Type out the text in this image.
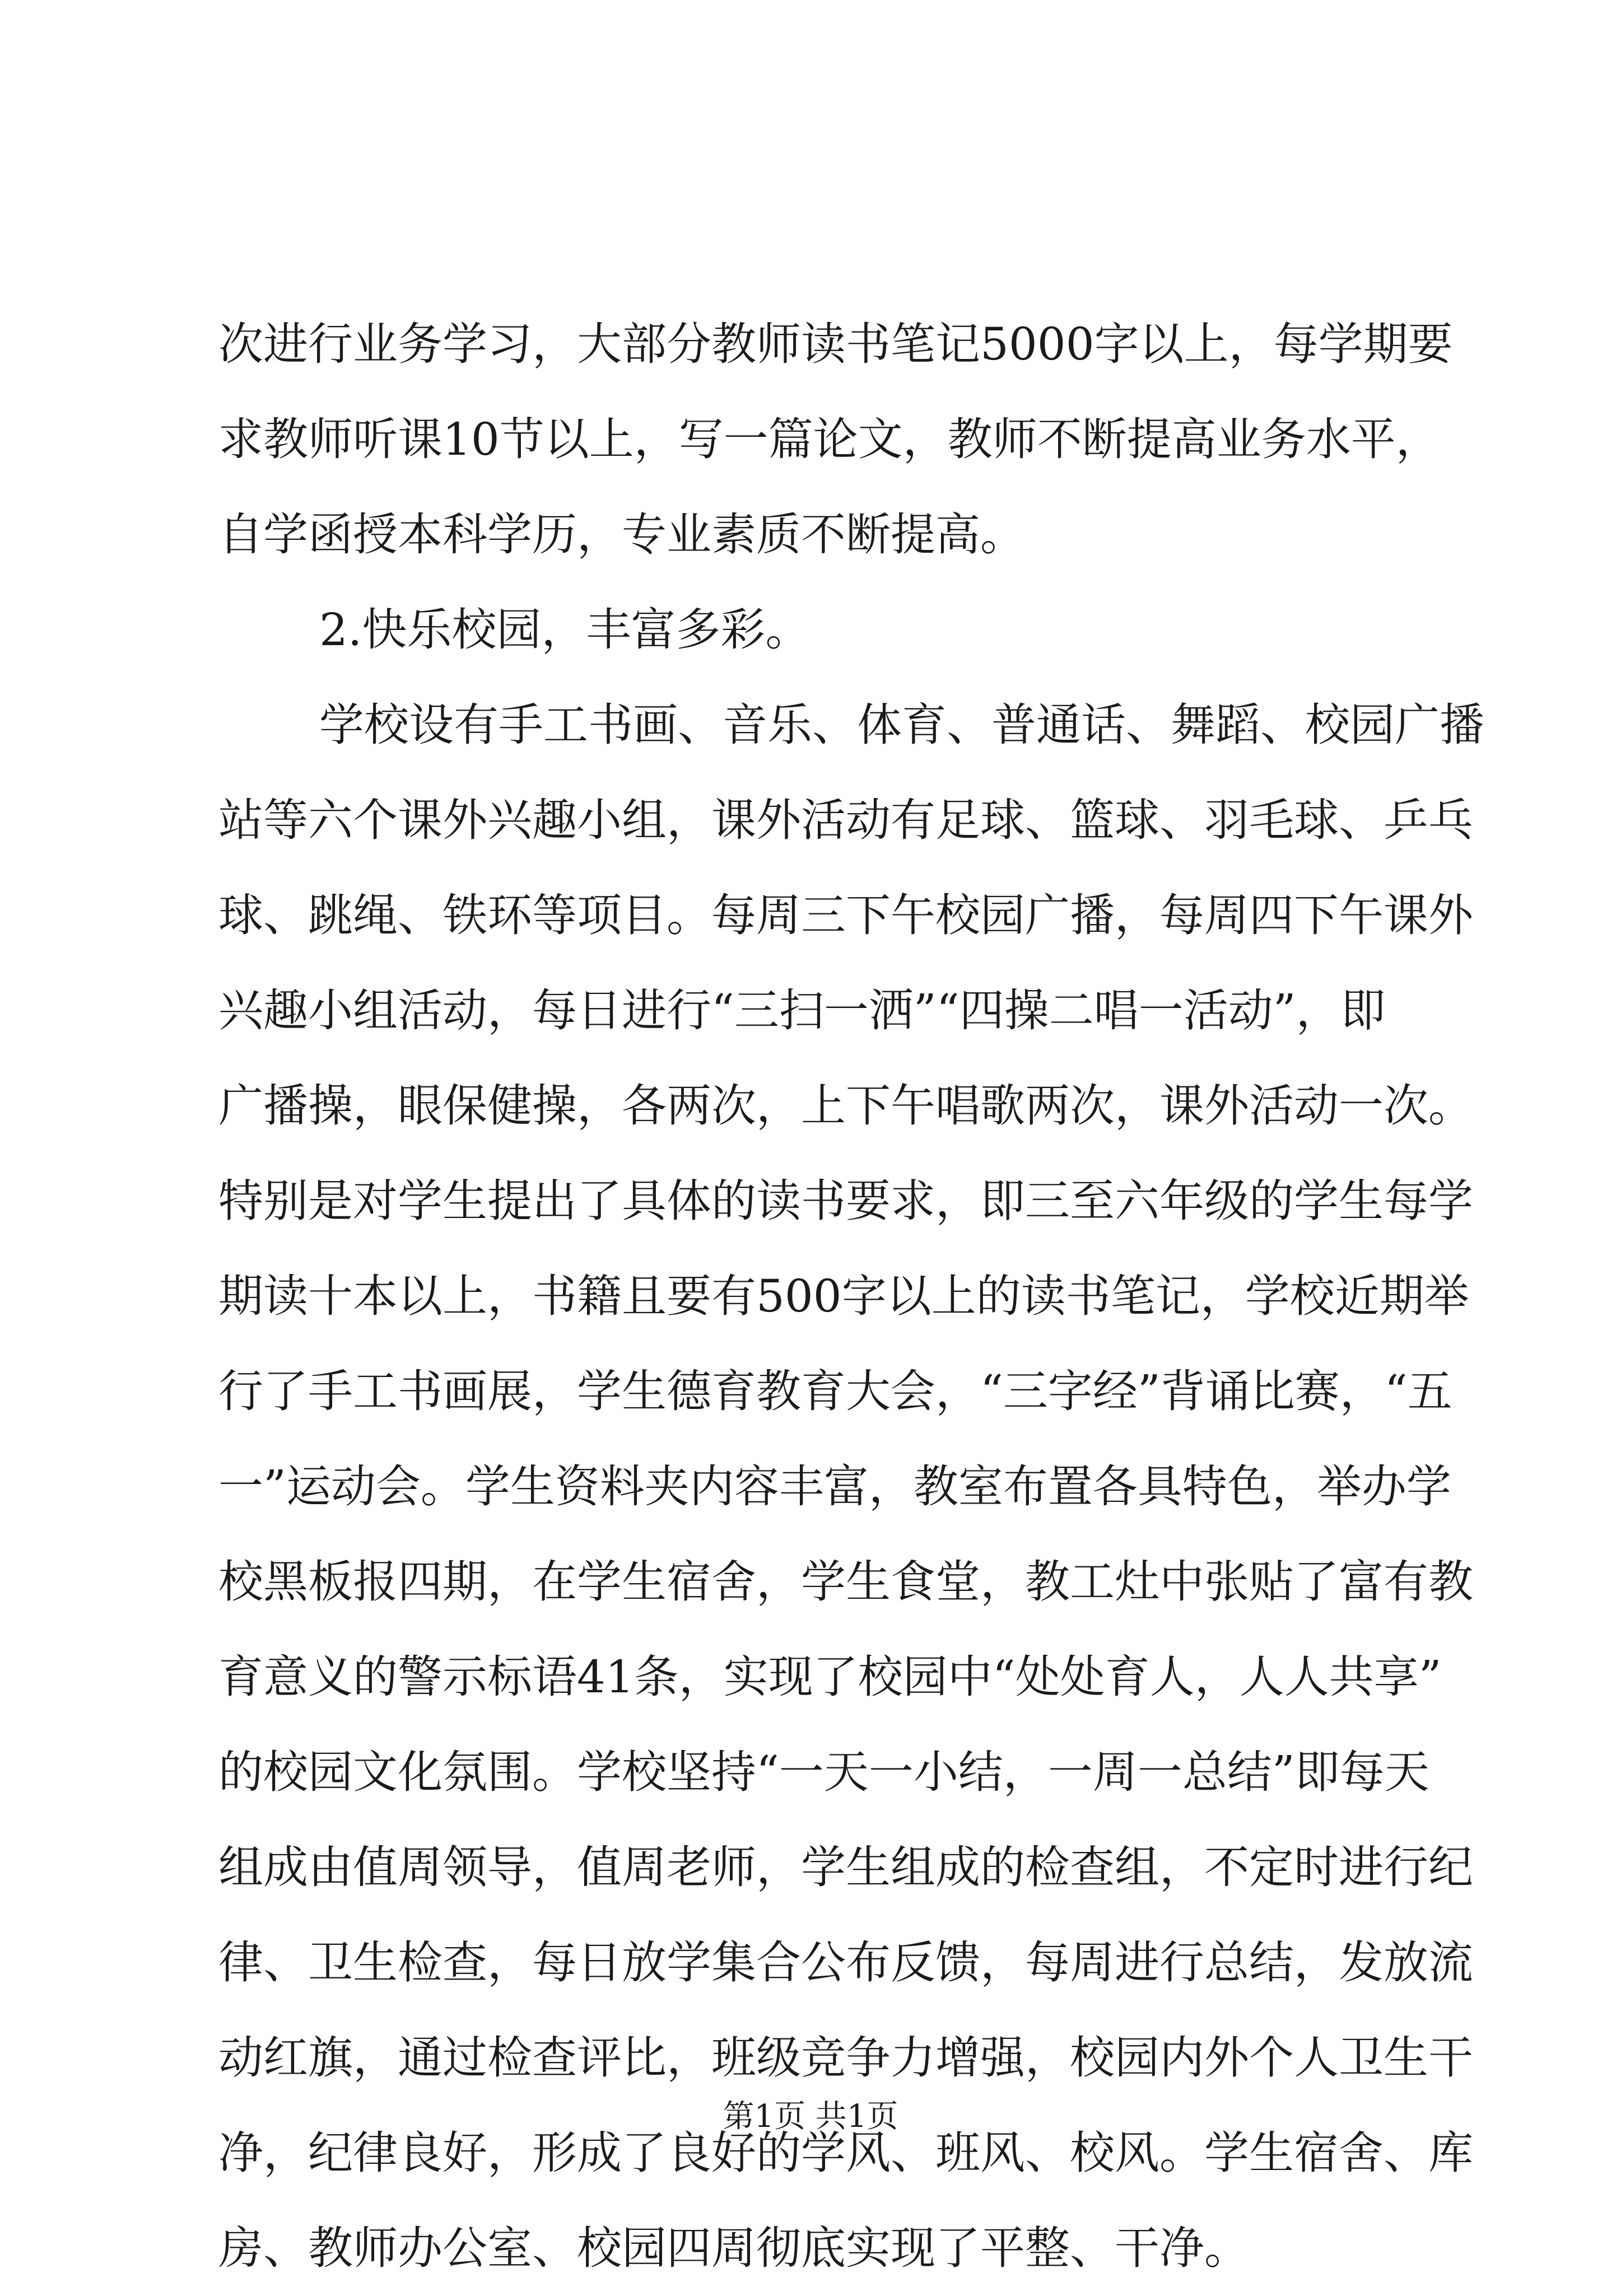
次进行业务学习，大部分教师读书笔记5000字以上，每学期要
求教师听课10节以上，写一篇论文，教师不断提高业务水平，
自学函授本科学历，专业素质不断提高。
2.快乐校园，丰富多彩。
学校设有手工书画、音乐、体育、普通话、舞蹈、校园广播
站等六个课外兴趣小组，课外活动有足球、篮球、羽毛球、乒乓
球、跳绳、铁环等项目。每周三下午校园广播，每周四下午课外
兴趣小组活动，每日进行“三扫一洒”“四操二唱一活动”，即
广播操，眼保健操，各两次，上下午唱歌两次，课外活动一次。
特别是对学生提出了具体的读书要求，即三至六年级的学生每学
期读十本以上，书籍且要有500字以上的读书笔记，学校近期举
行了手工书画展，学生德育教育大会，“三字经”背诵比赛，“五
一”运动会。学生资料夹内容丰富，教室布置各具特色，举办学
校黑板报四期，在学生宿舍，学生食堂，教工灶中张贴了富有教
育意义的警示标语41条，实现了校园中“处处育人，人人共享”
的校园文化氛围。学校坚持“一天一小结，一周一总结”即每天
组成由值周领导，值周老师，学生组成的检查组，不定时进行纪
律、卫生检查，每日放学集合公布反馈，每周进行总结，发放流
动红旗，通过检查评比，班级竞争力增强，校园内外个人卫生干
净，纪律良好，形成了良好的学风、班风、校风。学生宿舍、库
房、教师办公室、校园四周彻底实现了平整、干净。
第1页 共1页
